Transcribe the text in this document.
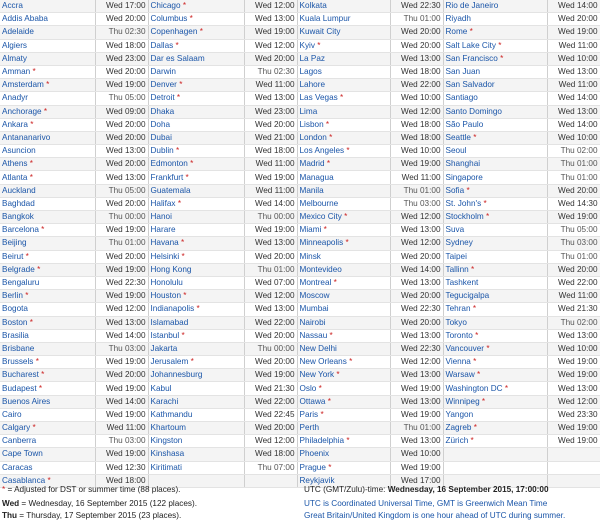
Accra	Wed 17:00	Chicago *	Wed 12:00	Kolkata	Wed 22:30	Rio de Janeiro	Wed 14:00
Addis Ababa	Wed 20:00	Columbus *	Wed 13:00	Kuala Lumpur	Thu 01:00	Riyadh	Wed 20:00
Adelaide	Thu 02:30	Copenhagen *	Wed 19:00	Kuwait City	Wed 20:00	Rome *	Wed 19:00
Algiers	Wed 18:00	Dallas *	Wed 12:00	Kyiv *	Wed 20:00	Salt Lake City *	Wed 11:00
Almaty	Wed 23:00	Dar es Salaam	Wed 20:00	La Paz	Wed 13:00	San Francisco *	Wed 10:00
Amman *	Wed 20:00	Darwin	Thu 02:30	Lagos	Wed 18:00	San Juan	Wed 13:00
Amsterdam *	Wed 19:00	Denver *	Wed 11:00	Lahore	Wed 22:00	San Salvador	Wed 11:00
Anadyr	Thu 05:00	Detroit *	Wed 13:00	Las Vegas *	Wed 10:00	Santiago	Wed 14:00
Anchorage *	Wed 09:00	Dhaka	Wed 23:00	Lima	Wed 12:00	Santo Domingo	Wed 13:00
Ankara *	Wed 20:00	Doha	Wed 20:00	Lisbon *	Wed 18:00	São Paulo	Wed 14:00
Antananarivo	Wed 20:00	Dubai	Wed 21:00	London *	Wed 18:00	Seattle *	Wed 10:00
Asuncion	Wed 13:00	Dublin *	Wed 18:00	Los Angeles *	Wed 10:00	Seoul	Thu 02:00
Athens *	Wed 20:00	Edmonton *	Wed 11:00	Madrid *	Wed 19:00	Shanghai	Thu 01:00
Atlanta *	Wed 13:00	Frankfurt *	Wed 19:00	Managua	Wed 11:00	Singapore	Thu 01:00
Auckland	Thu 05:00	Guatemala	Wed 11:00	Manila	Thu 01:00	Sofia *	Wed 20:00
Baghdad	Wed 20:00	Halifax *	Wed 14:00	Melbourne	Thu 03:00	St. John's *	Wed 14:30
Bangkok	Thu 00:00	Hanoi	Thu 00:00	Mexico City *	Wed 12:00	Stockholm *	Wed 19:00
Barcelona *	Wed 19:00	Harare	Wed 19:00	Miami *	Wed 13:00	Suva	Thu 05:00
Beijing	Thu 01:00	Havana *	Wed 13:00	Minneapolis *	Wed 12:00	Sydney	Thu 03:00
Beirut *	Wed 20:00	Helsinki *	Wed 20:00	Minsk	Wed 20:00	Taipei	Thu 01:00
Belgrade *	Wed 19:00	Hong Kong	Thu 01:00	Montevideo	Wed 14:00	Tallinn *	Wed 20:00
Bengaluru	Wed 22:30	Honolulu	Wed 07:00	Montreal *	Wed 13:00	Tashkent	Wed 22:00
Berlin *	Wed 19:00	Houston *	Wed 12:00	Moscow	Wed 20:00	Tegucigalpa	Wed 11:00
Bogota	Wed 12:00	Indianapolis *	Wed 13:00	Mumbai	Wed 22:30	Tehran *	Wed 21:30
Boston *	Wed 13:00	Islamabad	Wed 22:00	Nairobi	Wed 20:00	Tokyo	Thu 02:00
Brasilia	Wed 14:00	Istanbul *	Wed 20:00	Nassau *	Wed 13:00	Toronto *	Wed 13:00
Brisbane	Thu 03:00	Jakarta	Thu 00:00	New Delhi	Wed 22:30	Vancouver *	Wed 10:00
Brussels *	Wed 19:00	Jerusalem *	Wed 20:00	New Orleans *	Wed 12:00	Vienna *	Wed 19:00
Bucharest *	Wed 20:00	Johannesburg	Wed 19:00	New York *	Wed 13:00	Warsaw *	Wed 19:00
Budapest *	Wed 19:00	Kabul	Wed 21:30	Oslo *	Wed 19:00	Washington DC *	Wed 13:00
Buenos Aires	Wed 14:00	Karachi	Wed 22:00	Ottawa *	Wed 13:00	Winnipeg *	Wed 12:00
Cairo	Wed 19:00	Kathmandu	Wed 22:45	Paris *	Wed 19:00	Yangon	Wed 23:30
Calgary *	Wed 11:00	Khartoum	Wed 20:00	Perth	Thu 01:00	Zagreb *	Wed 19:00
Canberra	Thu 03:00	Kingston	Wed 12:00	Philadelphia *	Wed 13:00	Zürich *	Wed 19:00
Cape Town	Wed 19:00	Kinshasa	Wed 18:00	Phoenix	Wed 10:00		
Caracas	Wed 12:30	Kiritimati	Thu 07:00	Prague *	Wed 19:00		
Casablanca *	Wed 18:00			Reykjavik	Wed 17:00		
* = Adjusted for DST or summer time (88 places).
Wed = Wednesday, 16 September 2015 (122 places).
Thu = Thursday, 17 September 2015 (23 places).
UTC (GMT/Zulu)-time: Wednesday, 16 September 2015, 17:00:00
UTC is Coordinated Universal Time, GMT is Greenwich Mean Time
Great Britain/United Kingdom is one hour ahead of UTC during summer.
